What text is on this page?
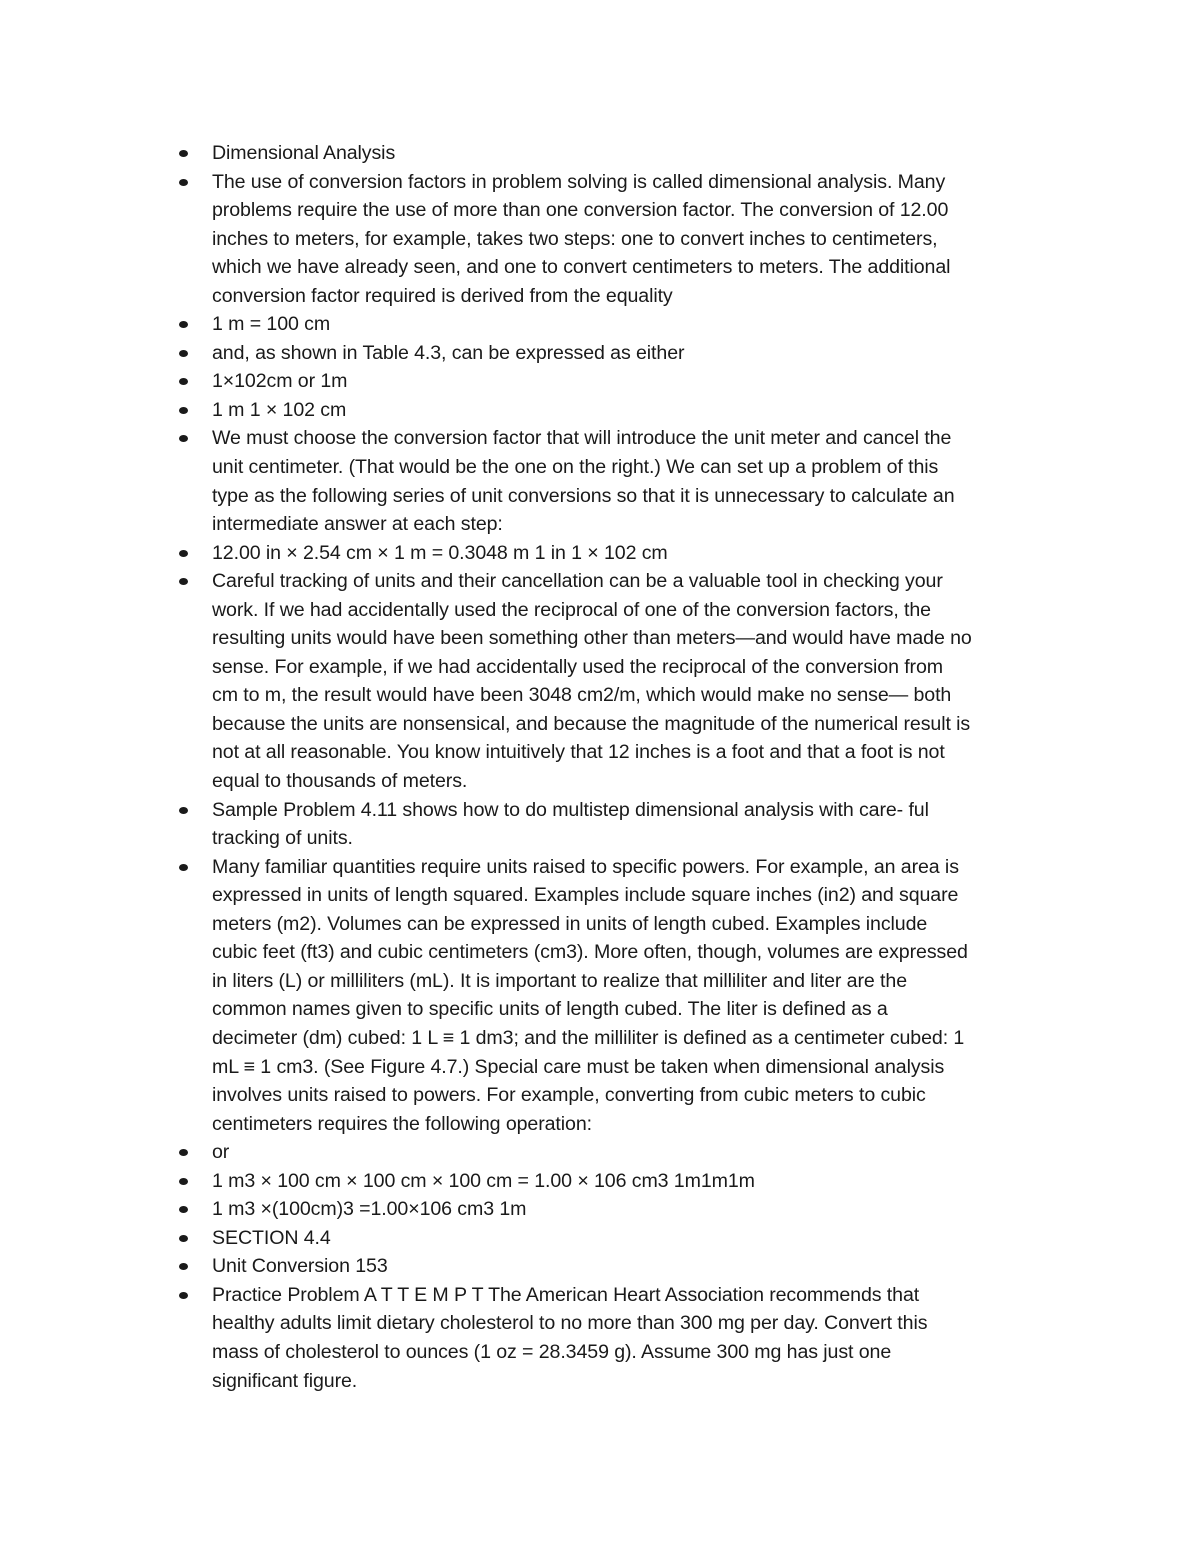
Dimensional Analysis
The use of conversion factors in problem solving is called dimensional analysis. Many
problems require the use of more than one conversion factor. The conversion of 12.00
inches to meters, for example, takes two steps: one to convert inches to centimeters,
which we have already seen, and one to convert centimeters to meters. The additional
conversion factor required is derived from the equality
1 m = 100 cm
and, as shown in Table 4.3, can be expressed as either
1×102cm or 1m
1 m 1 × 102 cm
We must choose the conversion factor that will introduce the unit meter and cancel the
unit centimeter. (That would be the one on the right.) We can set up a problem of this
type as the following series of unit conversions so that it is unnecessary to calculate an
intermediate answer at each step:
12.00 in × 2.54 cm × 1 m = 0.3048 m 1 in 1 × 102 cm
Careful tracking of units and their cancellation can be a valuable tool in checking your
work. If we had accidentally used the reciprocal of one of the conversion factors, the
resulting units would have been something other than meters—and would have made no
sense. For example, if we had accidentally used the reciprocal of the conversion from
cm to m, the result would have been 3048 cm2/m, which would make no sense— both
because the units are nonsensical, and because the magnitude of the numerical result is
not at all reasonable. You know intuitively that 12 inches is a foot and that a foot is not
equal to thousands of meters.
Sample Problem 4.11 shows how to do multistep dimensional analysis with care- ful
tracking of units.
Many familiar quantities require units raised to specific powers. For example, an area is
expressed in units of length squared. Examples include square inches (in2) and square
meters (m2). Volumes can be expressed in units of length cubed. Examples include
cubic feet (ft3) and cubic centimeters (cm3). More often, though, volumes are expressed
in liters (L) or milliliters (mL). It is important to realize that milliliter and liter are the
common names given to specific units of length cubed. The liter is defined as a
decimeter (dm) cubed: 1 L ≡ 1 dm3; and the milliliter is defined as a centimeter cubed: 1
mL ≡ 1 cm3. (See Figure 4.7.) Special care must be taken when dimensional analysis
involves units raised to powers. For example, converting from cubic meters to cubic
centimeters requires the following operation:
or
1 m3 × 100 cm × 100 cm × 100 cm = 1.00 × 106 cm3 1m1m1m
1 m3 ×(100cm)3 =1.00×106 cm3 1m
SECTION 4.4
Unit Conversion 153
Practice Problem A T T E M P T The American Heart Association recommends that
healthy adults limit dietary cholesterol to no more than 300 mg per day. Convert this
mass of cholesterol to ounces (1 oz = 28.3459 g). Assume 300 mg has just one
significant figure.
